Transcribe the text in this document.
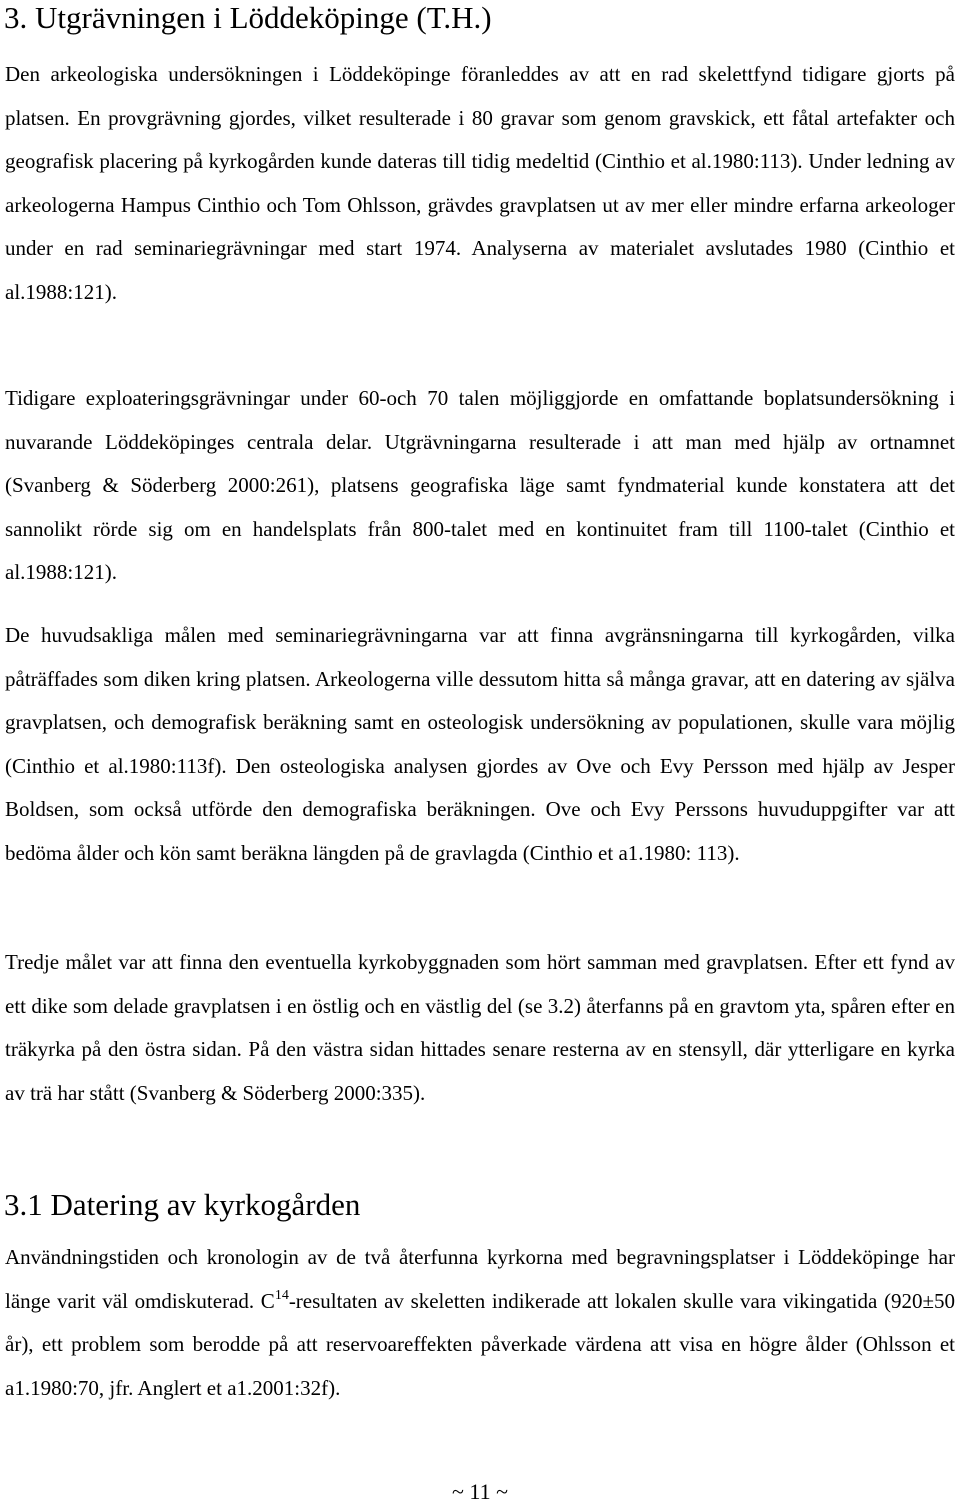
3. Utgrävningen i Löddeköpinge (T.H.)

Den arkeologiska undersökningen i Löddeköpinge föranleddes av att en rad skelettfynd tidigare gjorts på platsen. En provgrävning gjordes, vilket resulterade i 80 gravar som genom gravskick, ett fåtal artefakter och geografisk placering på kyrkogården kunde dateras till tidig medeltid (Cinthio et al.1980:113). Under ledning av arkeologerna Hampus Cinthio och Tom Ohlsson, grävdes gravplatsen ut av mer eller mindre erfarna arkeologer under en rad seminariegrävningar med start 1974. Analyserna av materialet avslutades 1980 (Cinthio et al.1988:121).

Tidigare exploateringsgrävningar under 60-och 70 talen möjliggjorde en omfattande boplatsundersökning i nuvarande Löddeköpinges centrala delar. Utgrävningarna resulterade i att man med hjälp av ortnamnet (Svanberg & Söderberg 2000:261), platsens geografiska läge samt fyndmaterial kunde konstatera att det sannolikt rörde sig om en handelsplats från 800-talet med en kontinuitet fram till 1100-talet (Cinthio et al.1988:121).

De huvudsakliga målen med seminariegrävningarna var att finna avgränsningarna till kyrkogården, vilka påträffades som diken kring platsen. Arkeologerna ville dessutom hitta så många gravar, att en datering av själva gravplatsen, och demografisk beräkning samt en osteologisk undersökning av populationen, skulle vara möjlig (Cinthio et al.1980:113f). Den osteologiska analysen gjordes av Ove och Evy Persson med hjälp av Jesper Boldsen, som också utförde den demografiska beräkningen. Ove och Evy Perssons huvuduppgifter var att bedöma ålder och kön samt beräkna längden på de gravlagda (Cinthio et a1.1980: 113).

Tredje målet var att finna den eventuella kyrkobyggnaden som hört samman med gravplatsen. Efter ett fynd av ett dike som delade gravplatsen i en östlig och en västlig del (se 3.2) återfanns på en gravtom yta, spåren efter en träkyrka på den östra sidan. På den västra sidan hittades senare resterna av en stensyll, där ytterligare en kyrka av trä har stått (Svanberg & Söderberg 2000:335).

3.1 Datering av kyrkogården

Användningstiden och kronologin av de två återfunna kyrkorna med begravningsplatser i Löddeköpinge har länge varit väl omdiskuterad. $C^{14}$-resultaten av skeletten indikerade att lokalen skulle vara vikingatida (920±50 år), ett problem som berodde på att reservoareffekten påverkade värdena att visa en högre ålder (Ohlsson et a1.1980:70, jfr. Anglert et a1.2001:32f).

~ 11 ~
